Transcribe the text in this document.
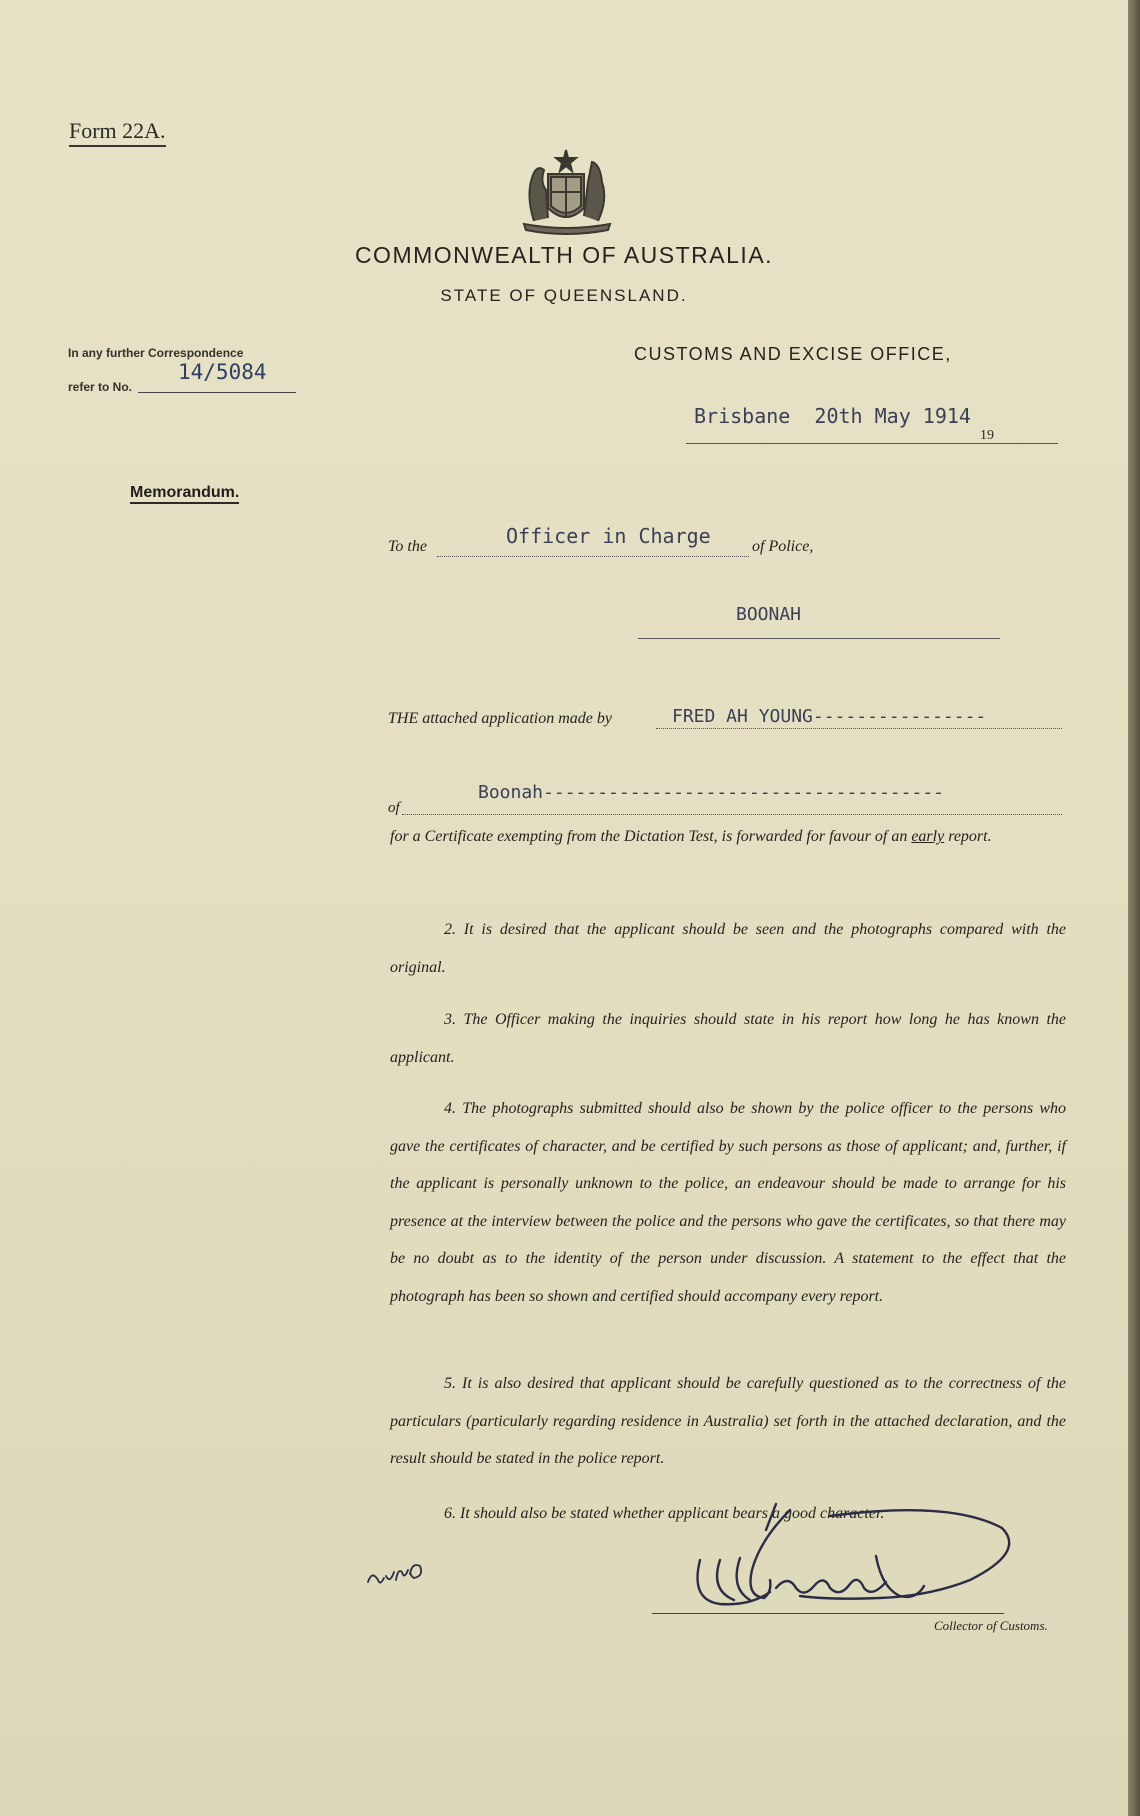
Form 22A.
COMMONWEALTH OF AUSTRALIA.
STATE OF QUEENSLAND.
In any further Correspondence
refer to No.
14/5084
CUSTOMS AND EXCISE OFFICE,
Brisbane  20th May 1914
19
Memorandum.
To the	Officer in Charge	of Police,
BOONAH
THE attached application made by	FRED AH YOUNG----------------
of
Boonah-------------------------------------
for a Certificate exempting from the Dictation Test, is forwarded for favour of an early report.
2. It is desired that the applicant should be seen and the photographs compared with the original.
3. The Officer making the inquiries should state in his report how long he has known the applicant.
4. The photographs submitted should also be shown by the police officer to the persons who gave the certificates of character, and be certified by such persons as those of applicant; and, further, if the applicant is personally unknown to the police, an endeavour should be made to arrange for his presence at the interview between the police and the persons who gave the certificates, so that there may be no doubt as to the identity of the person under discussion. A statement to the effect that the photograph has been so shown and certified should accompany every report.
5. It is also desired that applicant should be carefully questioned as to the correctness of the particulars (particularly regarding residence in Australia) set forth in the attached declaration, and the result should be stated in the police report.
6. It should also be stated whether applicant bears a good character.
Collector of Customs.
